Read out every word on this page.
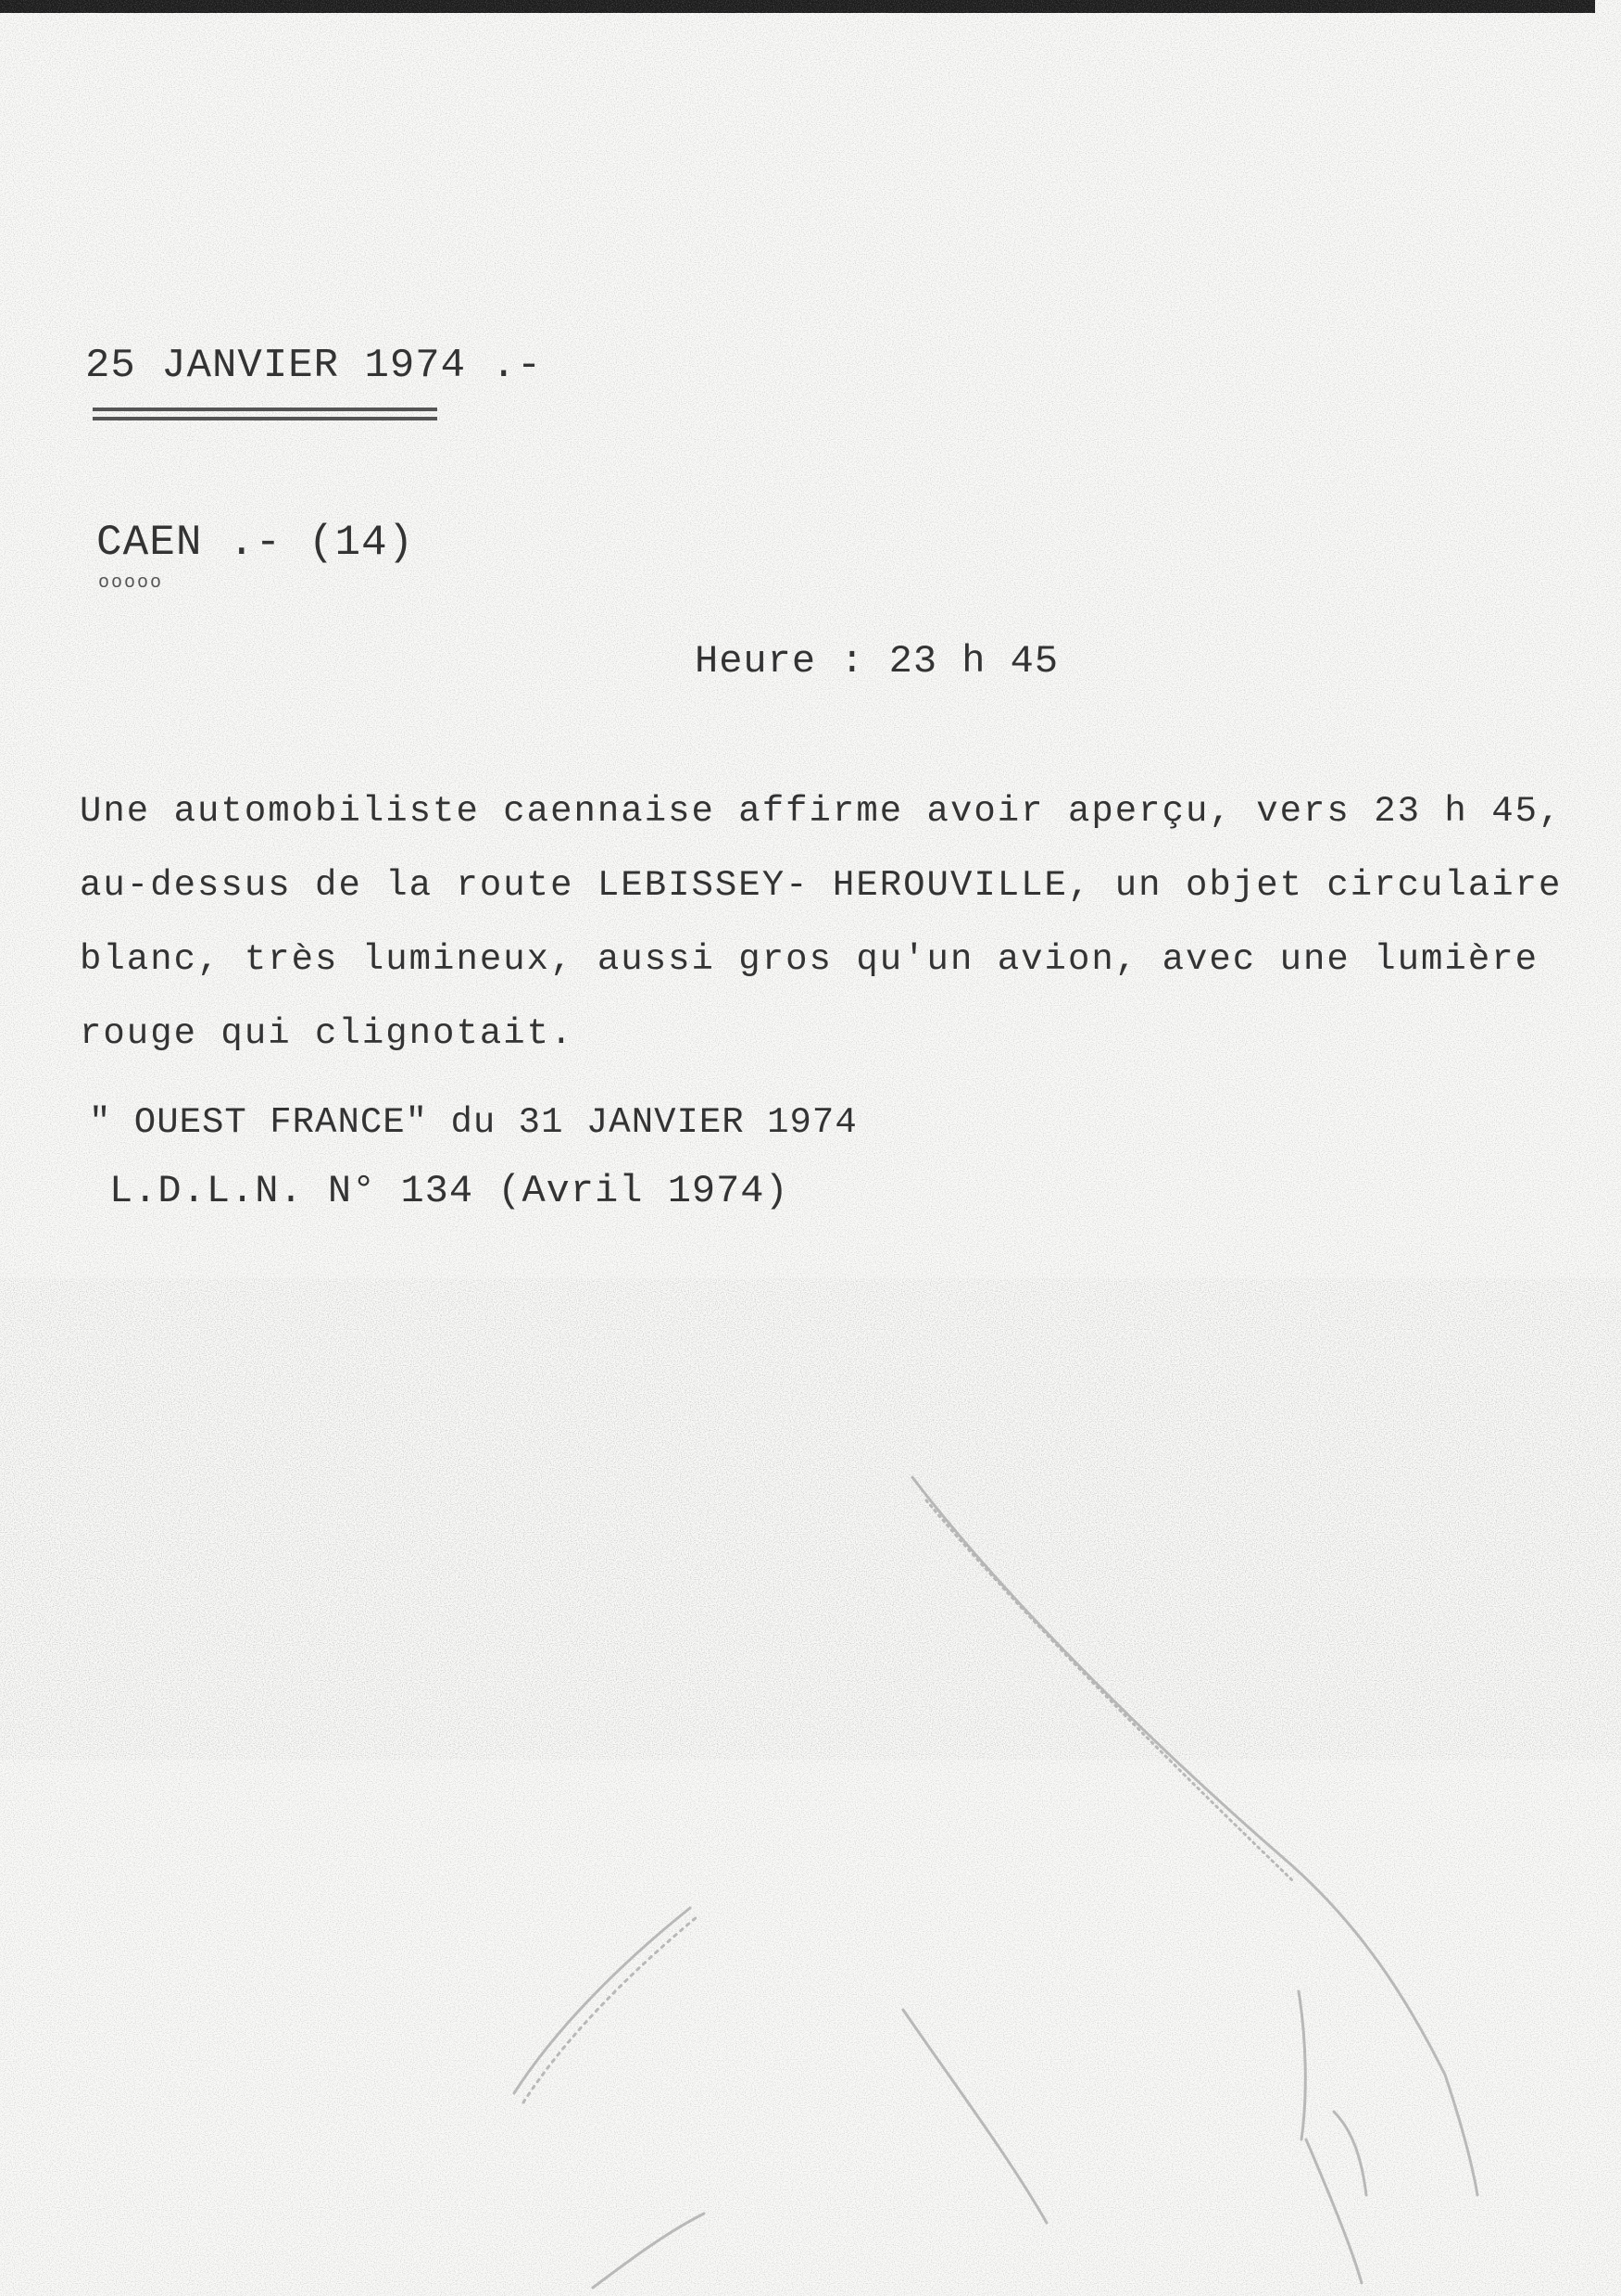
25 JANVIER 1974 .-
CAEN .- (14)
ooooo
Heure : 23 h 45
Une automobiliste caennaise affirme avoir aperçu, vers 23 h 45,
au-dessus de la route LEBISSEY- HEROUVILLE, un objet circulaire
blanc, très lumineux, aussi gros qu'un avion, avec une lumière
rouge qui clignotait.
" OUEST FRANCE" du 31 JANVIER 1974
L.D.L.N. N° 134 (Avril 1974)
